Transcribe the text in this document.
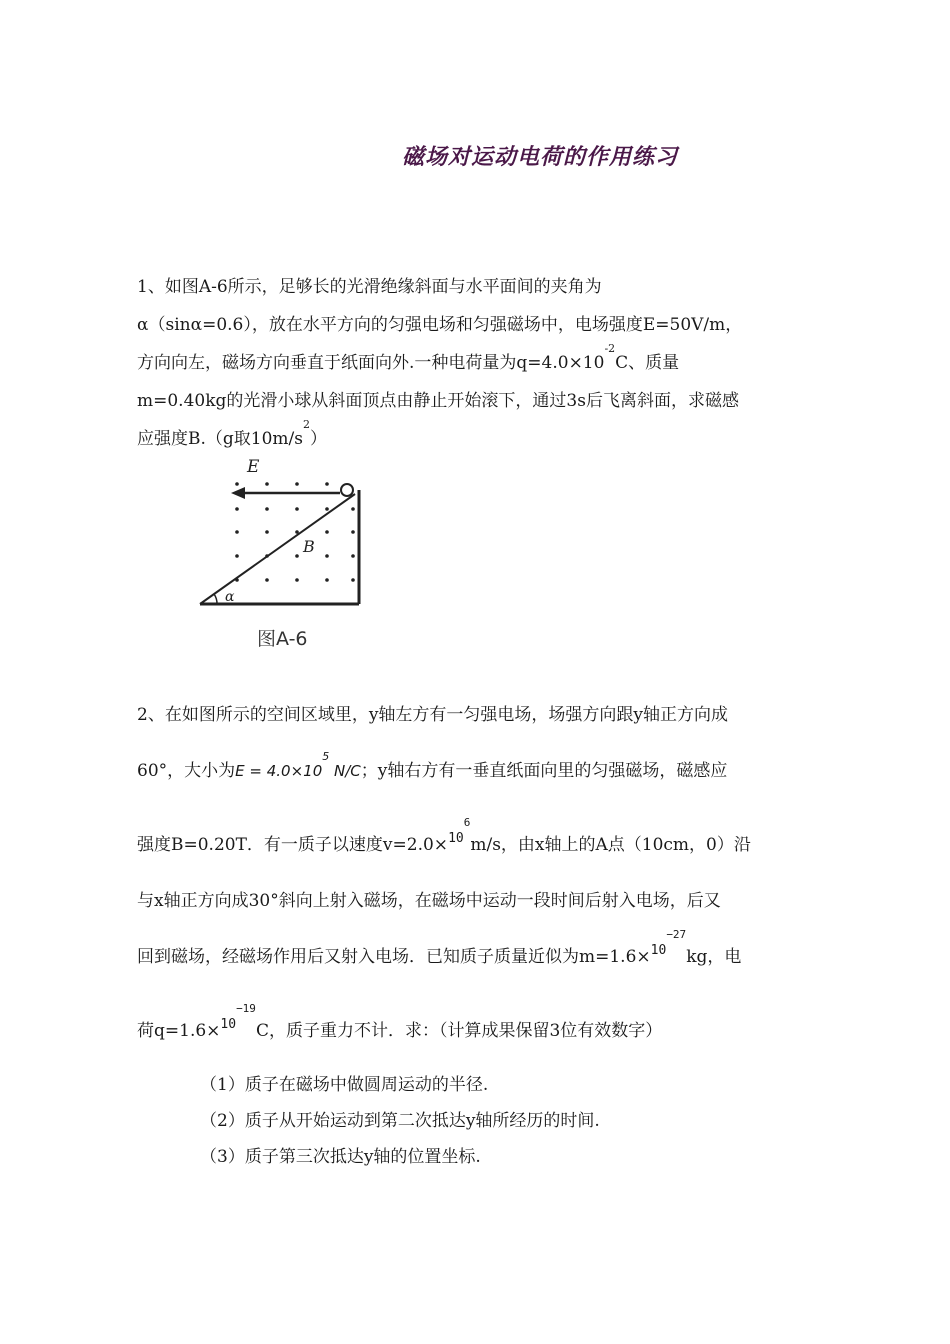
磁场对运动电荷的作用练习
1、如图A-6所示，足够长的光滑绝缘斜面与水平面间的夹角为
α（sinα=0.6），放在水平方向的匀强电场和匀强磁场中，电场强度E=50V/m，
方向向左，磁场方向垂直于纸面向外.一种电荷量为$q=4.0\times 10^{-2}C$、质量
m=0.40kg的光滑小球从斜面顶点由静止开始滚下，通过3s后飞离斜面，求磁感
应强度B.（g取$10m/s^2$）
E
B
α
图A-6
2、在如图所示的空间区域里，y轴左方有一匀强电场，场强方向跟y轴正方向成
60°，大小为$E = 4.0\times 10^5$ N/C；y轴右方有一垂直纸面向里的匀强磁场，磁感应
强度B=0.20T．有一质子以速度v=2.0×$^{10^6}$m/s，由x轴上的A点（10cm，0）沿
与x轴正方向成30°斜向上射入磁场，在磁场中运动一段时间后射入电场，后又
回到磁场，经磁场作用后又射入电场．已知质子质量近似为m=1.6×$^{10^{-27}}$kg，电
荷q=1.6×$^{10^{-19}}$C，质子重力不计．求：（计算成果保留3位有效数字）
（1）质子在磁场中做圆周运动的半径.
（2）质子从开始运动到第二次抵达y轴所经历的时间.
（3）质子第三次抵达y轴的位置坐标.
